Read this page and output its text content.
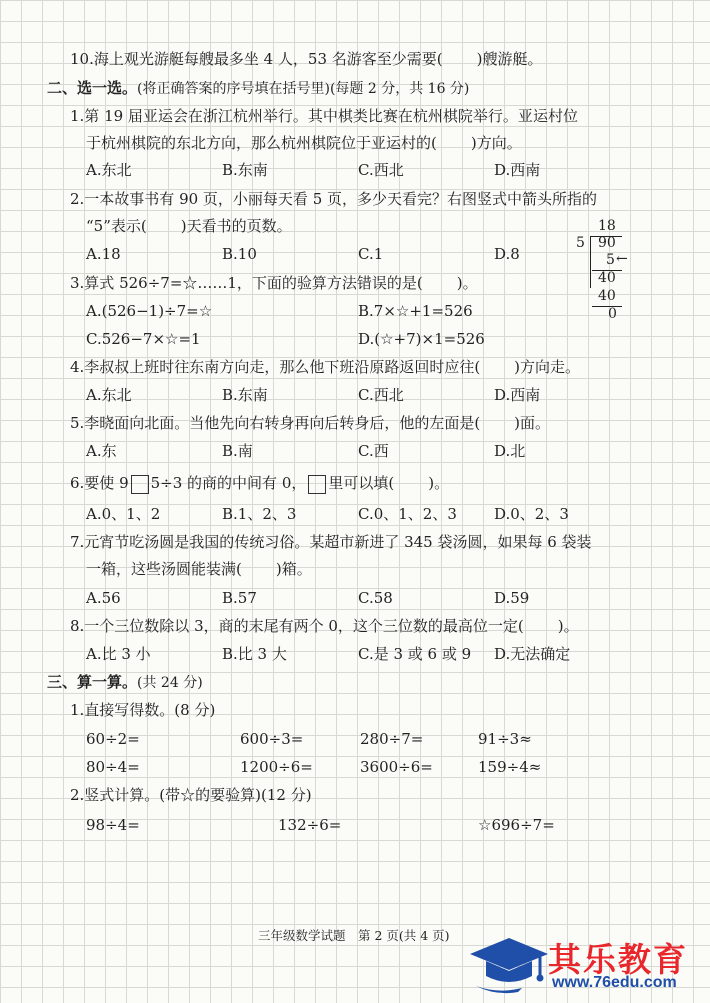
10.海上观光游艇每艘最多坐 4 人，53 名游客至少需要( )艘游艇。
二、选一选。(将正确答案的序号填在括号里)(每题 2 分，共 16 分)
1.第 19 届亚运会在浙江杭州举行。其中棋类比赛在杭州棋院举行。亚运村位
于杭州棋院的东北方向，那么杭州棋院位于亚运村的( )方向。
A.东北	B.东南	C.西北	D.西南
2.一本故事书有 90 页，小丽每天看 5 页，多少天看完？右图竖式中箭头所指的
“5”表示( )天看书的页数。
A.18	B.10	C.1	D.8
18
5 90
5 ←
40
40
0
3.算式 526÷7=☆……1，下面的验算方法错误的是( )。
A.(526−1)÷7=☆	B.7×☆+1=526
C.526−7×☆=1	D.(☆+7)×1=526
4.李叔叔上班时往东南方向走，那么他下班沿原路返回时应往( )方向走。
A.东北	B.东南	C.西北	D.西南
5.李晓面向北面。当他先向右转身再向后转身后，他的左面是( )面。
A.东	B.南	C.西	D.北
6.要使 9 5÷3 的商的中间有 0， 里可以填( )。
A.0、1、2	B.1、2、3	C.0、1、2、3 D.0、2、3
7.元宵节吃汤圆是我国的传统习俗。某超市新进了 345 袋汤圆，如果每 6 袋装
一箱，这些汤圆能装满( )箱。
A.56	B.57	C.58	D.59
8.一个三位数除以 3，商的末尾有两个 0，这个三位数的最高位一定( )。
A.比 3 小	B.比 3 大	C.是 3 或 6 或 9 D.无法确定
三、算一算。(共 24 分)
1.直接写得数。(8 分)
60÷2=	600÷3=	280÷7=	91÷3≈
80÷4=	1200÷6=	3600÷6=	159÷4≈
2.竖式计算。(带☆的要验算)(12 分)
98÷4=	132÷6=	☆696÷7=
三年级数学试题　第 2 页(共 4 页)
其乐教育
www.76edu.com
